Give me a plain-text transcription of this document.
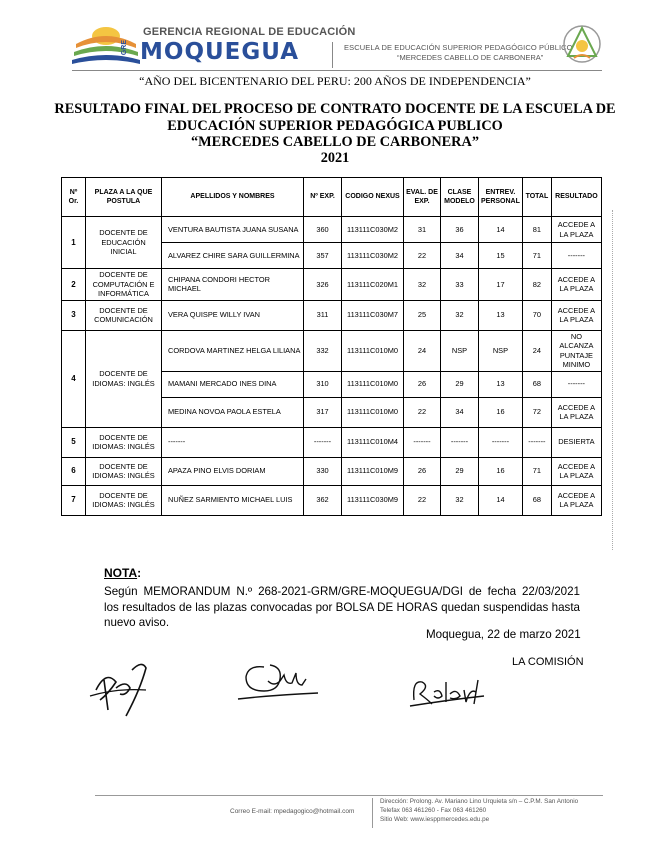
GERENCIA REGIONAL DE EDUCACIÓN
GRE MOQUEGUA	ESCUELA DE EDUCACIÓN SUPERIOR PEDAGÓGICO PÚBLICO
“MERCEDES CABELLO DE CARBONERA”
“AÑO DEL BICENTENARIO DEL PERU: 200 AÑOS DE INDEPENDENCIA”
RESULTADO FINAL DEL PROCESO DE CONTRATO DOCENTE DE LA ESCUELA DE
EDUCACIÓN SUPERIOR PEDAGÓGICA PUBLICO
“MERCEDES CABELLO DE CARBONERA”
2021
Nº Or.	PLAZA A LA QUE POSTULA	APELLIDOS Y NOMBRES	Nº EXP.	CODIGO NEXUS	EVAL. DE EXP.	CLASE MODELO	ENTREV. PERSONAL	TOTAL	RESULTADO
1	DOCENTE DE EDUCACIÓN INICIAL	VENTURA BAUTISTA JUANA SUSANA	360	113111C030M2	31	36	14	81	ACCEDE A LA PLAZA
		ALVAREZ CHIRE SARA GUILLERMINA	357	113111C030M2	22	34	15	71	-------
2	DOCENTE DE COMPUTACIÓN E INFORMÁTICA	CHIPANA CONDORI HECTOR MICHAEL	326	113111C020M1	32	33	17	82	ACCEDE A LA PLAZA
3	DOCENTE DE COMUNICACIÓN	VERA QUISPE WILLY IVAN	311	113111C030M7	25	32	13	70	ACCEDE A LA PLAZA
4	DOCENTE DE IDIOMAS: INGLÉS	CORDOVA MARTINEZ HELGA LILIANA	332	113111C010M0	24	NSP	NSP	24	NO ALCANZA PUNTAJE MINIMO
		MAMANI MERCADO INES DINA	310	113111C010M0	26	29	13	68	-------
		MEDINA NOVOA PAOLA ESTELA	317	113111C010M0	22	34	16	72	ACCEDE A LA PLAZA
5	DOCENTE DE IDIOMAS: INGLÉS	-------	-------	113111C010M4	-------	-------	-------	-------	DESIERTA
6	DOCENTE DE IDIOMAS: INGLÉS	APAZA PINO ELVIS DORIAM	330	113111C010M9	26	29	16	71	ACCEDE A LA PLAZA
7	DOCENTE DE IDIOMAS: INGLÉS	NUÑEZ SARMIENTO MICHAEL LUIS	362	113111C030M9	22	32	14	68	ACCEDE A LA PLAZA
NOTA:
Según MEMORANDUM N.º 268-2021-GRM/GRE-MOQUEGUA/DGI de fecha 22/03/2021 los resultados de las plazas convocadas por BOLSA DE HORAS quedan suspendidas hasta nuevo aviso.
Moquegua, 22 de marzo 2021
LA COMISIÓN
Correo E-mail: mpedagogico@hotmail.com
Dirección: Prolong. Av. Mariano Lino Urquieta s/n – C.P.M. San Antonio
Telefax 063 461260 - Fax 063 461260
Sitio Web: www.iesppmercedes.edu.pe
